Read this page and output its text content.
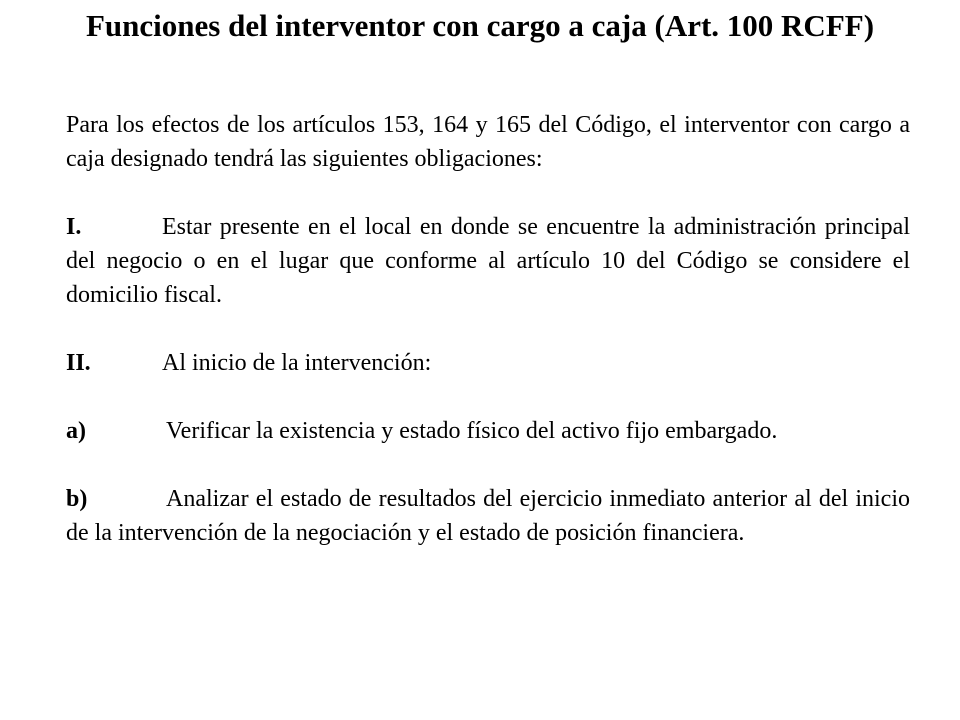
Funciones del interventor con cargo a caja (Art. 100 RCFF)

Para los efectos de los artículos 153, 164 y 165 del Código, el interventor con cargo a caja designado tendrá las siguientes obligaciones:

I.	Estar presente en el local en donde se encuentre la administración principal del negocio o en el lugar que conforme al artículo 10 del Código se considere el domicilio fiscal.

II.	Al inicio de la intervención:

a)	Verificar la existencia y estado físico del activo fijo embargado.

b)	Analizar el estado de resultados del ejercicio inmediato anterior al del inicio de la intervención de la negociación y el estado de posición financiera.
